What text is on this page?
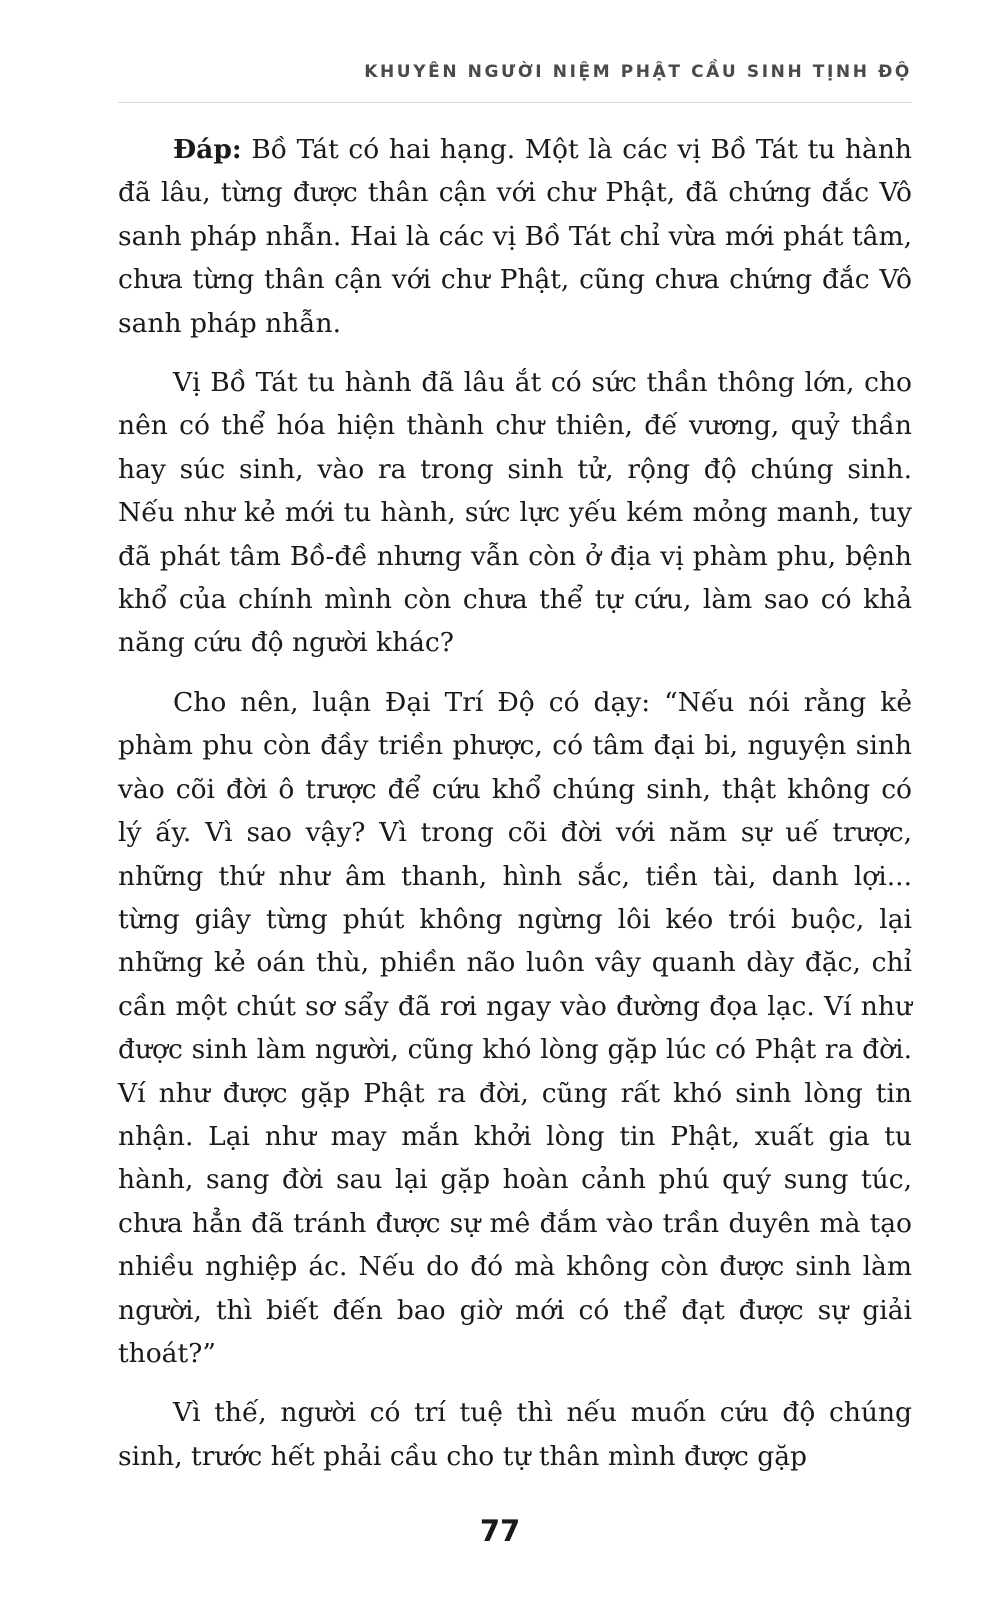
KHUYÊN NGƯỜI NIỆM PHẬT CẦU SINH TỊNH ĐỘ

Đáp: Bồ Tát có hai hạng. Một là các vị Bồ Tát tu hành đã lâu, từng được thân cận với chư Phật, đã chứng đắc Vô sanh pháp nhẫn. Hai là các vị Bồ Tát chỉ vừa mới phát tâm, chưa từng thân cận với chư Phật, cũng chưa chứng đắc Vô sanh pháp nhẫn.

Vị Bồ Tát tu hành đã lâu ắt có sức thần thông lớn, cho nên có thể hóa hiện thành chư thiên, đế vương, quỷ thần hay súc sinh, vào ra trong sinh tử, rộng độ chúng sinh. Nếu như kẻ mới tu hành, sức lực yếu kém mỏng manh, tuy đã phát tâm Bồ-đề nhưng vẫn còn ở địa vị phàm phu, bệnh khổ của chính mình còn chưa thể tự cứu, làm sao có khả năng cứu độ người khác?

Cho nên, luận Đại Trí Độ có dạy: “Nếu nói rằng kẻ phàm phu còn đầy triền phược, có tâm đại bi, nguyện sinh vào cõi đời ô trược để cứu khổ chúng sinh, thật không có lý ấy. Vì sao vậy? Vì trong cõi đời với năm sự uế trược, những thứ như âm thanh, hình sắc, tiền tài, danh lợi... từng giây từng phút không ngừng lôi kéo trói buộc, lại những kẻ oán thù, phiền não luôn vây quanh dày đặc, chỉ cần một chút sơ sẩy đã rơi ngay vào đường đọa lạc. Ví như được sinh làm người, cũng khó lòng gặp lúc có Phật ra đời. Ví như được gặp Phật ra đời, cũng rất khó sinh lòng tin nhận. Lại như may mắn khởi lòng tin Phật, xuất gia tu hành, sang đời sau lại gặp hoàn cảnh phú quý sung túc, chưa hẳn đã tránh được sự mê đắm vào trần duyên mà tạo nhiều nghiệp ác. Nếu do đó mà không còn được sinh làm người, thì biết đến bao giờ mới có thể đạt được sự giải thoát?”

Vì thế, người có trí tuệ thì nếu muốn cứu độ chúng sinh, trước hết phải cầu cho tự thân mình được gặp

77
